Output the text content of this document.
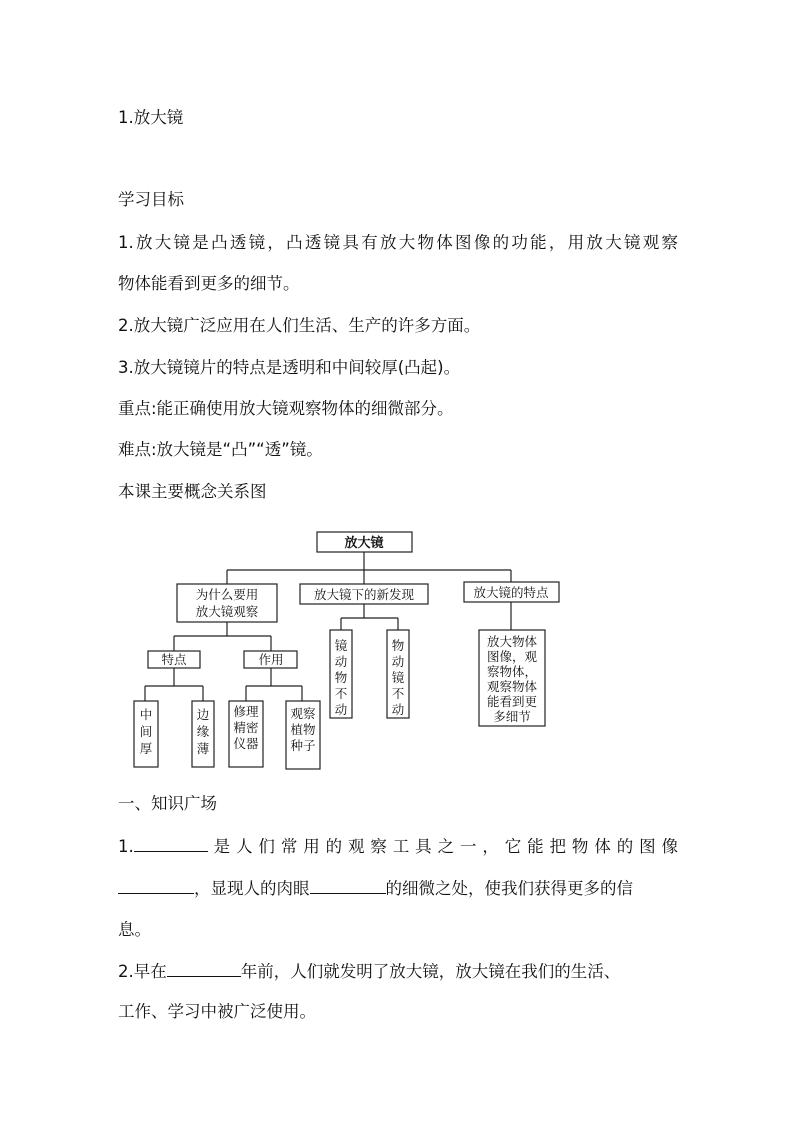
1.放大镜
学习目标
1.放大镜是凸透镜，凸透镜具有放大物体图像的功能，用放大镜观察
物体能看到更多的细节。
2.放大镜广泛应用在人们生活、生产的许多方面。
3.放大镜镜片的特点是透明和中间较厚(凸起)。
重点:能正确使用放大镜观察物体的细微部分。
难点:放大镜是“凸”“透”镜。
本课主要概念关系图
放大镜
为什么要用
放大镜观察
放大镜下的新发现	放大镜的特点
特点	作用
中
间
厚
边
缘
薄
修理
精密
仪器
观察
植物
种子
镜
动
物
不
动
物
动
镜
不
动
放大物体
图像，观
察物体，
观察物体
能看到更
多细节
一、知识广场
1.	是人们常用的观察工具之一，它能把物体的图像
，显现人的肉眼	的细微之处，使我们获得更多的信
息。
2.早在	年前，人们就发明了放大镜，放大镜在我们的生活、
工作、学习中被广泛使用。
